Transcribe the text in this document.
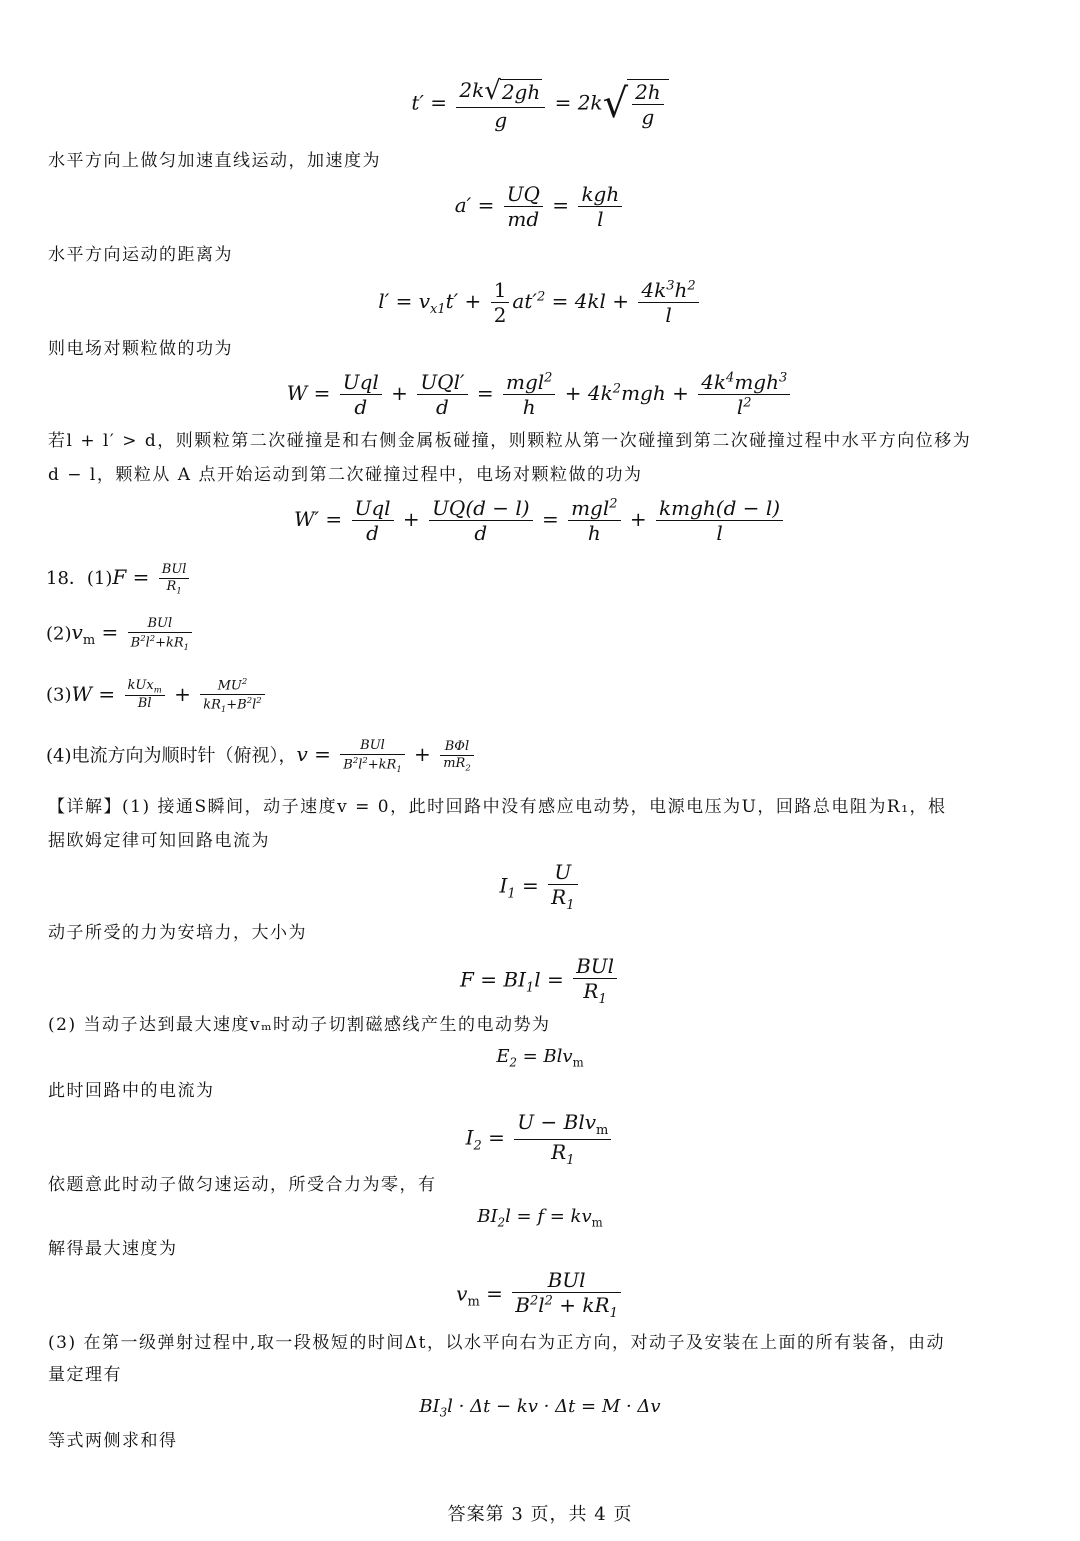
$t' = \frac{2k√2gh}{g} = 2k√ \frac{2h}{g}$
水平方向上做匀加速直线运动，加速度为
$a' = \frac{UQ}{md} = \frac{\text{kgh}}{l}$
水平方向运动的距离为
$l' = v_{x1}t' + \frac{1}{2} at'^2 = 4kl + \frac{4k^3h^2}{l}$
则电场对颗粒做的功为
$W = \frac{\text{Uql}}{d} + \frac{\text{UQl′}}{d} = \frac{mgl^2}{h} + 4k^2mgh + \frac{4k^4mgh^3}{l^2}$
若l + l′ > d，则颗粒第二次碰撞是和右侧金属板碰撞，则颗粒从第一次碰撞到第二次碰撞过程中水平方向位移为
d − l，颗粒从 A 点开始运动到第二次碰撞过程中，电场对颗粒做的功为
$W' = \frac{\text{Uql}}{d} + \frac{UQ(d - l)}{d} = \frac{mgl^2}{h} + \frac{\text{kmgh(d − l)}}{l}$
18．$(1)F = \frac{\text{BUl}}{R_1}$
$(2)v_m = \frac{\text{BUl}}{B^2l^2+kR_1}$
$(3)W = \frac{kUx_m}{Bl} + \frac{MU^2}{kR_1+B^2l^2}$
(4)电流方向为顺时针（俯视），$v = \frac{\text{BUl}}{B^2l^2+kR_1} + \frac{\text{BΦl}}{mR_2}$
【详解】(1) 接通S瞬间，动子速度v = 0，此时回路中没有感应电动势，电源电压为U，回路总电阻为R₁，根
据欧姆定律可知回路电流为
$I_1 = \frac{U}{R_1}$
动子所受的力为安培力，大小为
$F = BI_1l = \frac{\text{BUl}}{R_1}$
(2) 当动子达到最大速度vₘ时动子切割磁感线产生的电动势为
$E_2 = Blv_m$
此时回路中的电流为
$I_2 = \frac{U - Blv_m}{R_1}$
依题意此时动子做匀速运动，所受合力为零，有
$BI_2l = f = kv_m$
解得最大速度为
$v_m = \frac{\text{BUl}}{B^2l^2 + kR_1}$
(3) 在第一级弹射过程中,取一段极短的时间Δt，以水平向右为正方向，对动子及安装在上面的所有装备，由动
量定理有
$BI_3l \cdot \Delta t$ − kv · Δt = M · Δv
等式两侧求和得
答案第 3 页，共 4 页
